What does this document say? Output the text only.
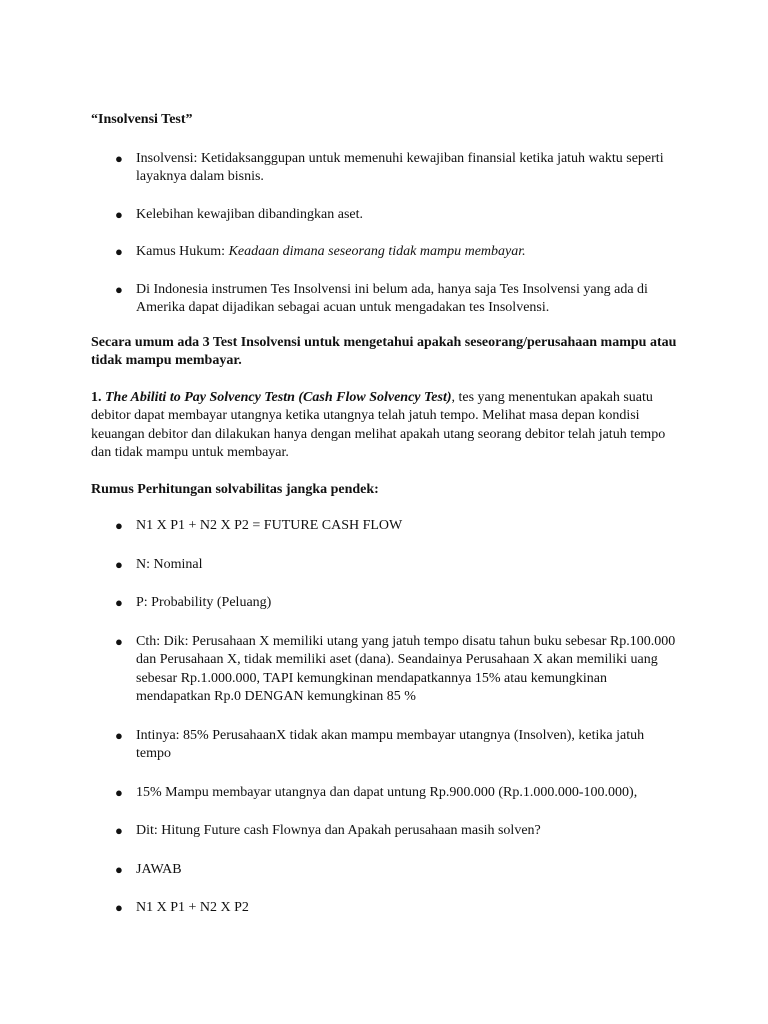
“Insolvensi Test”
● Insolvensi: Ketidaksanggupan untuk memenuhi kewajiban finansial ketika jatuh waktu seperti layaknya dalam bisnis.
● Kelebihan kewajiban dibandingkan aset.
● Kamus Hukum: Keadaan dimana seseorang tidak mampu membayar.
● Di Indonesia instrumen Tes Insolvensi ini belum ada, hanya saja Tes Insolvensi yang ada di Amerika dapat dijadikan sebagai acuan untuk mengadakan tes Insolvensi.
Secara umum ada 3 Test Insolvensi untuk mengetahui apakah seseorang/perusahaan mampu atau tidak mampu membayar.
1. The Abiliti to Pay Solvency Testn (Cash Flow Solvency Test), tes yang menentukan apakah suatu debitor dapat membayar utangnya ketika utangnya telah jatuh tempo. Melihat masa depan kondisi keuangan debitor dan dilakukan hanya dengan melihat apakah utang seorang debitor telah jatuh tempo dan tidak mampu untuk membayar.
Rumus Perhitungan solvabilitas jangka pendek:
● N1 X P1 + N2 X P2 = FUTURE CASH FLOW
● N: Nominal
● P: Probability (Peluang)
● Cth: Dik: Perusahaan X memiliki utang yang jatuh tempo disatu tahun buku sebesar Rp.100.000 dan Perusahaan X, tidak memiliki aset (dana). Seandainya Perusahaan X akan memiliki uang sebesar Rp.1.000.000, TAPI kemungkinan mendapatkannya 15% atau kemungkinan mendapatkan Rp.0 DENGAN kemungkinan 85 %
● Intinya: 85% PerusahaanX tidak akan mampu membayar utangnya (Insolven), ketika jatuh tempo
● 15% Mampu membayar utangnya dan dapat untung Rp.900.000 (Rp.1.000.000-100.000),
● Dit: Hitung Future cash Flownya dan Apakah perusahaan masih solven?
● JAWAB
● N1 X P1 + N2 X P2
